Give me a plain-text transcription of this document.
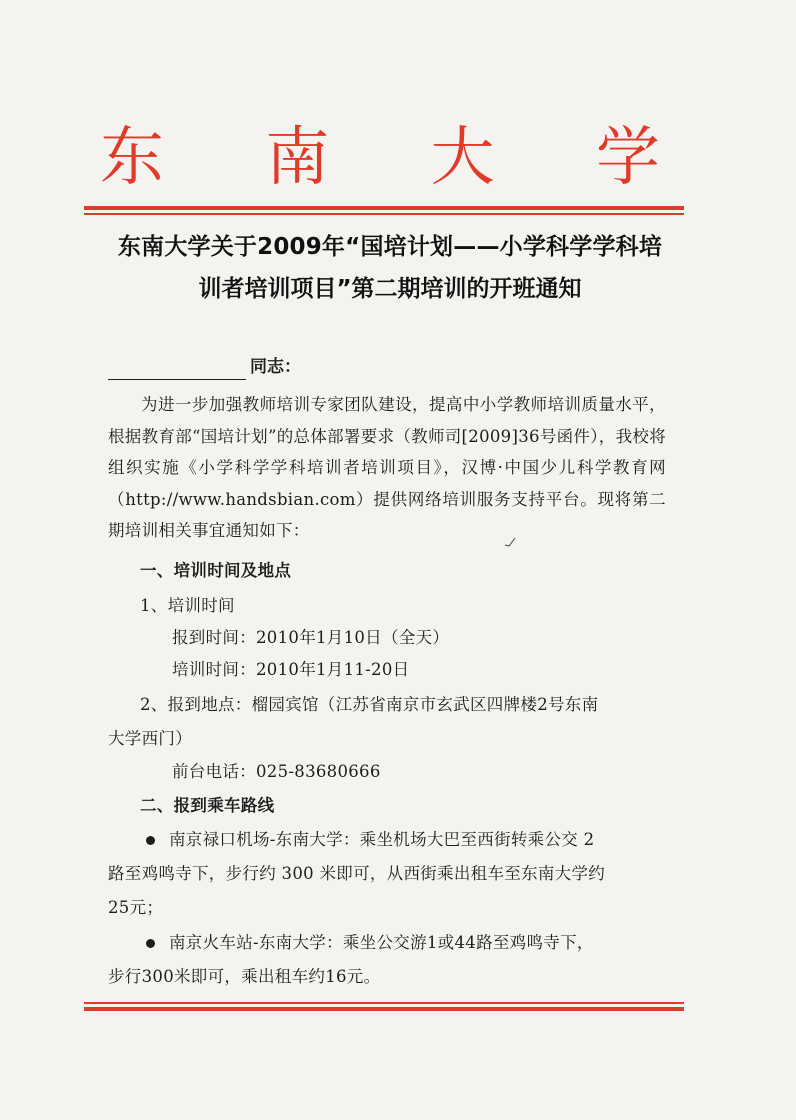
东 南 大 学
东南大学关于2009年“国培计划——小学科学学科培
训者培训项目”第二期培训的开班通知
同志：
为进一步加强教师培训专家团队建设，提高中小学教师培训质量水平，根据教育部“国培计划”的总体部署要求（教师司[2009]36号函件），我校将组织实施《小学科学学科培训者培训项目》，汉博·中国少儿科学教育网（http://www.handsbian.com）提供网络培训服务支持平台。现将第二期培训相关事宜通知如下：
一、培训时间及地点
1、培训时间
报到时间：2010年1月10日（全天）
培训时间：2010年1月11-20日
2、报到地点：榴园宾馆（江苏省南京市玄武区四牌楼2号东南
大学西门）
前台电话：025-83680666
二、报到乘车路线
南京禄口机场-东南大学：乘坐机场大巴至西街转乘公交 2
路至鸡鸣寺下，步行约 300 米即可，从西街乘出租车至东南大学约
25元；
南京火车站-东南大学：乘坐公交游1或44路至鸡鸣寺下，
步行300米即可，乘出租车约16元。
